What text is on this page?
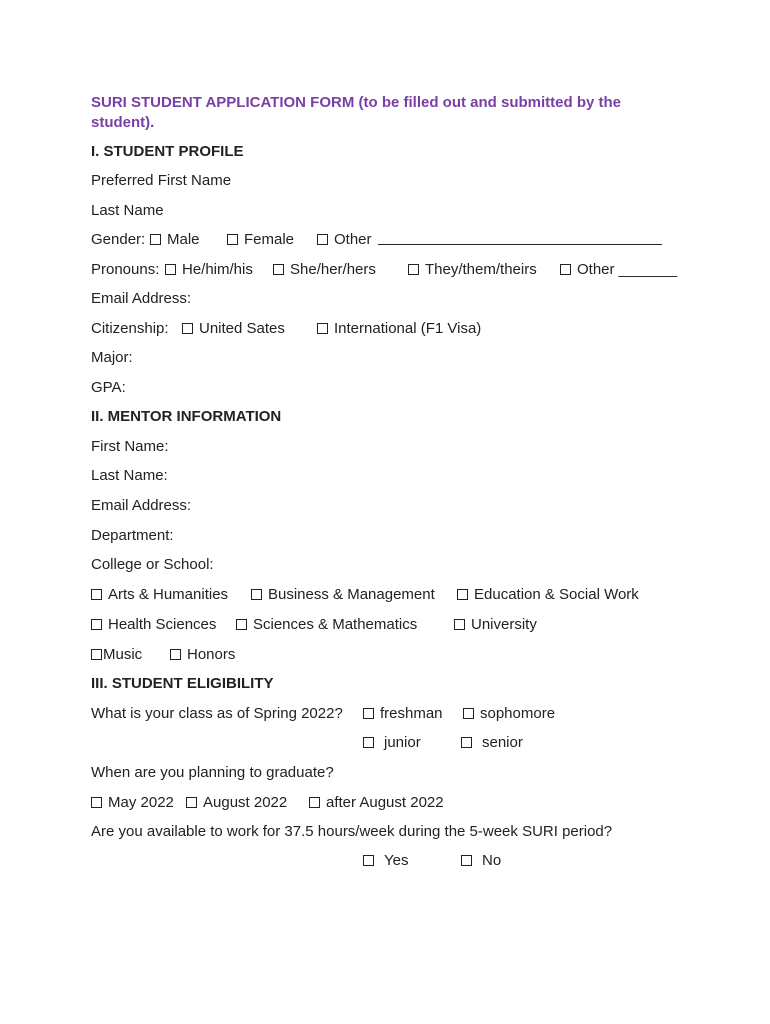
SURI STUDENT APPLICATION FORM (to be filled out and submitted by the student).
I. STUDENT PROFILE
Preferred First Name
Last Name
Gender: Male	Female	Other
Pronouns: He/him/his She/her/hers	They/them/theirs	Other _______
Email Address:
Citizenship: United Sates	International (F1 Visa)
Major:
GPA:
II. MENTOR INFORMATION
First Name:
Last Name:
Email Address:
Department:
College or School:
Arts & Humanities	Business & Management	Education & Social Work
Health Sciences Sciences & Mathematics	University
Music	Honors
III. STUDENT ELIGIBILITY
What is your class as of Spring 2022? freshman sophomore
junior	senior
When are you planning to graduate?
May 2022 August 2022	after August 2022
Are you available to work for 37.5 hours/week during the 5-week SURI period?
Yes	No
